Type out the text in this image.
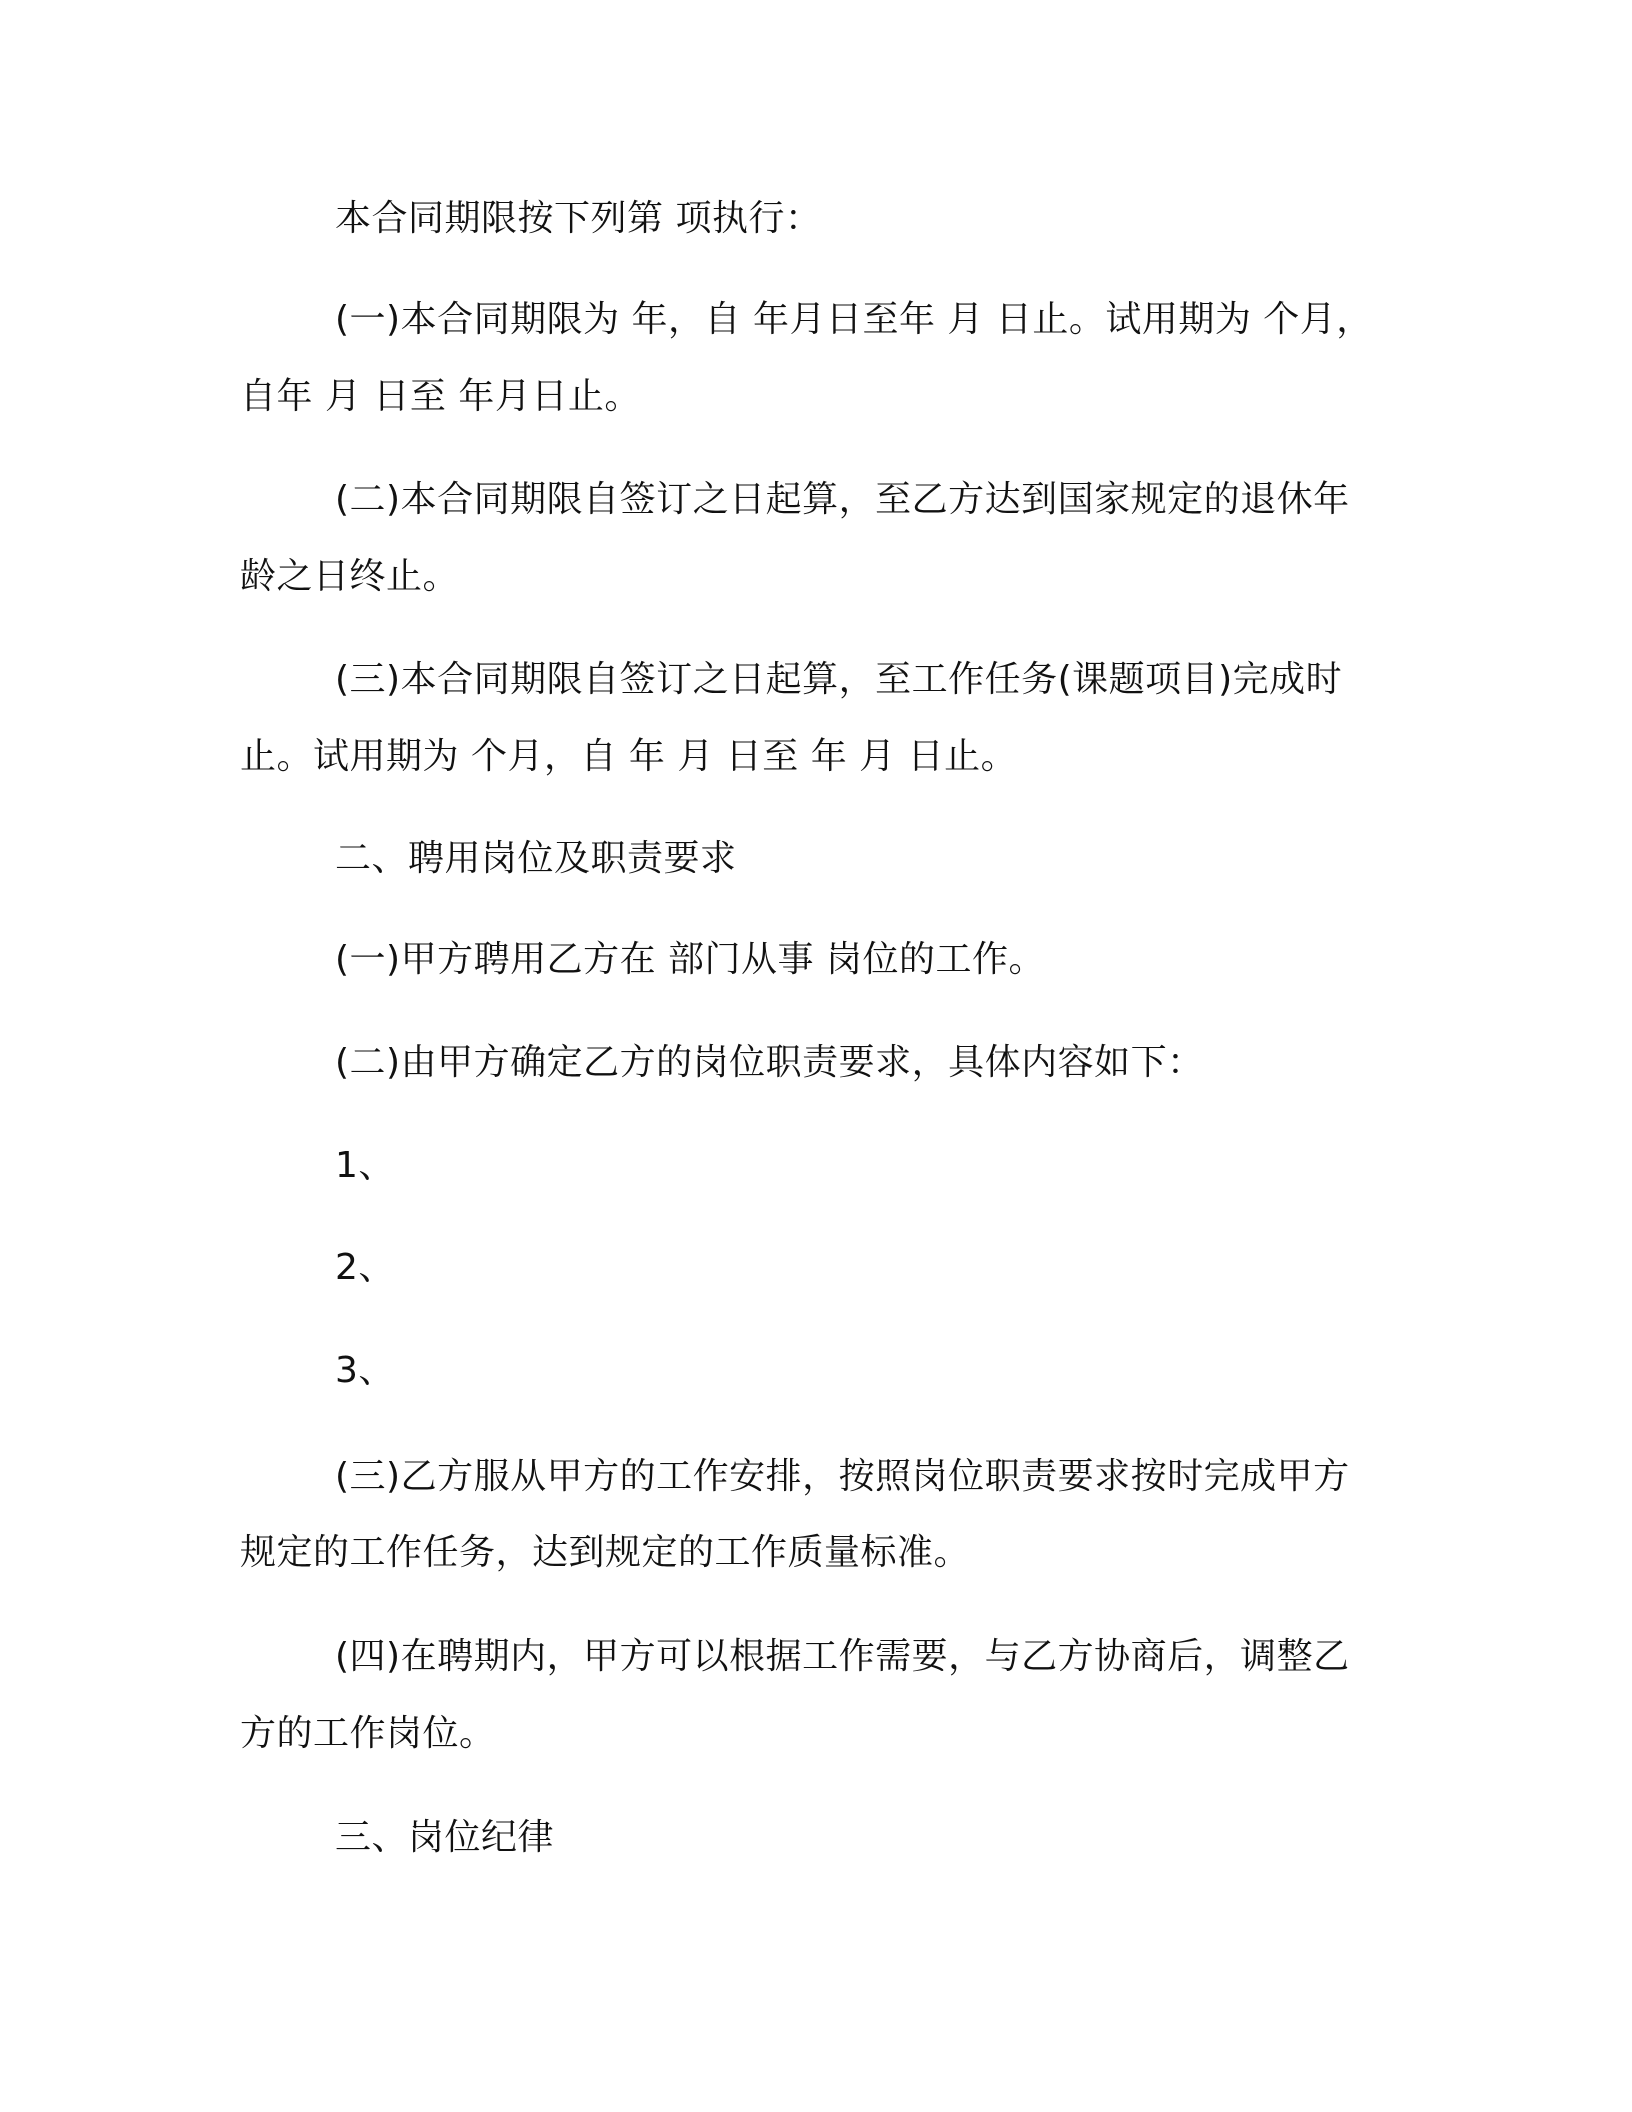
本合同期限按下列第 项执行：

(一)本合同期限为 年，自 年月日至年 月 日止。试用期为 个月，

自年 月 日至 年月日止。

(二)本合同期限自签订之日起算，至乙方达到国家规定的退休年

龄之日终止。

(三)本合同期限自签订之日起算，至工作任务(课题项目)完成时

止。试用期为 个月，自 年 月 日至 年 月 日止。

二、聘用岗位及职责要求

(一)甲方聘用乙方在 部门从事 岗位的工作。

(二)由甲方确定乙方的岗位职责要求，具体内容如下：

1、

2、

3、

(三)乙方服从甲方的工作安排，按照岗位职责要求按时完成甲方

规定的工作任务，达到规定的工作质量标准。

(四)在聘期内，甲方可以根据工作需要，与乙方协商后，调整乙

方的工作岗位。

三、岗位纪律
